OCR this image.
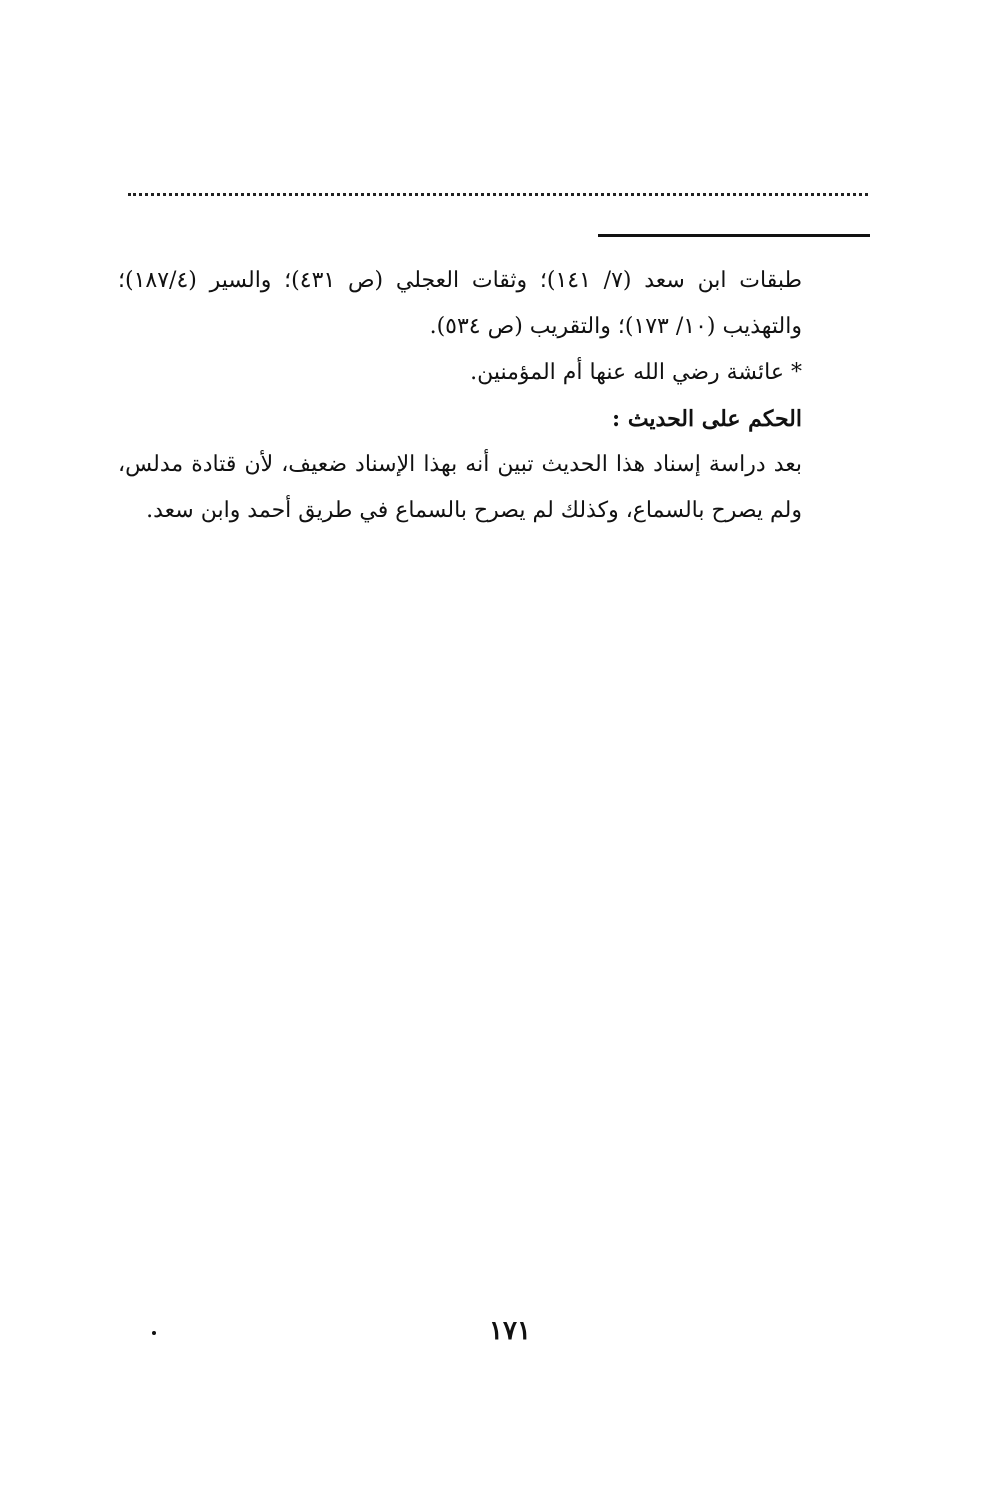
طبقات ابن سعد (٧/ ١٤١)؛ وثقات العجلي (ص ٤٣١)؛ والسير (١٨٧/٤)؛
والتهذيب (١٠/ ١٧٣)؛ والتقريب (ص ٥٣٤).
* عائشة رضي الله عنها أم المؤمنين.
الحكم على الحديث :
بعد دراسة إسناد هذا الحديث تبين أنه بهذا الإسناد ضعيف، لأن قتادة مدلس،
ولم يصرح بالسماع، وكذلك لم يصرح بالسماع في طريق أحمد وابن سعد.
١٧١
